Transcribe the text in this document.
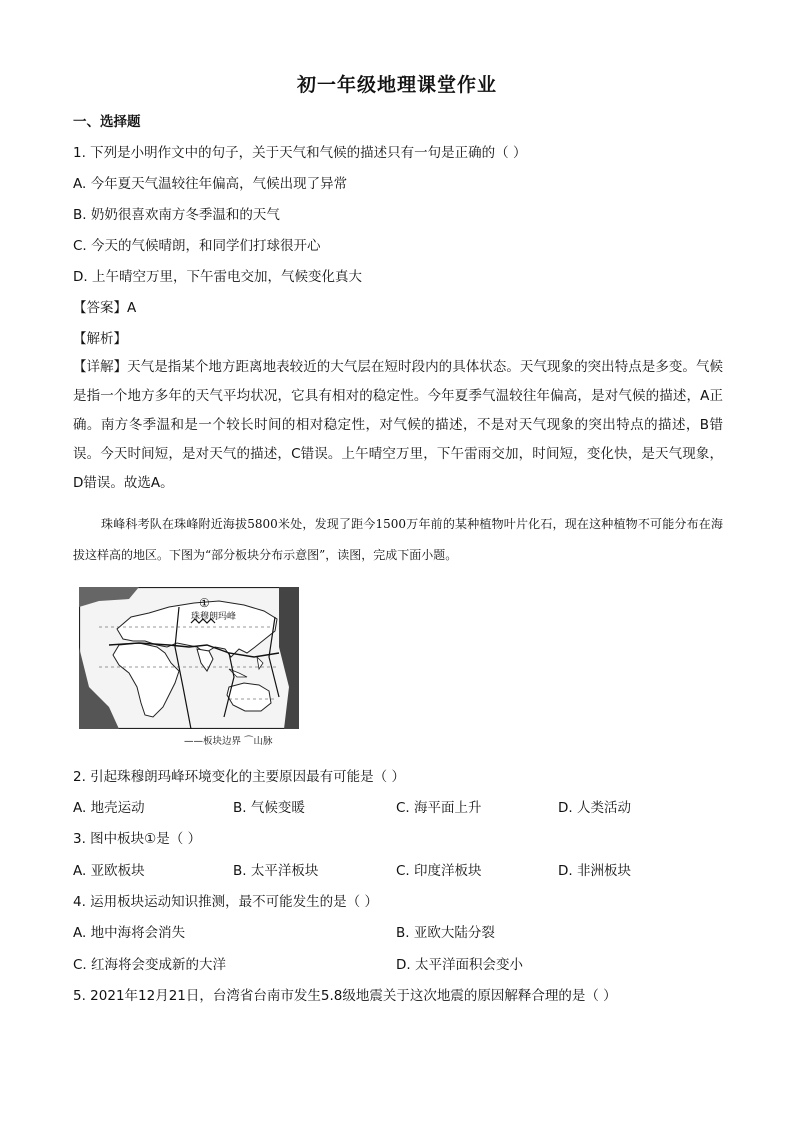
初一年级地理课堂作业
一、选择题
1. 下列是小明作文中的句子，关于天气和气候的描述只有一句是正确的（ ）
A. 今年夏天气温较往年偏高，气候出现了异常
B. 奶奶很喜欢南方冬季温和的天气
C. 今天的气候晴朗，和同学们打球很开心
D. 上午晴空万里，下午雷电交加，气候变化真大
【答案】A
【解析】
【详解】天气是指某个地方距离地表较近的大气层在短时段内的具体状态。天气现象的突出特点是多变。气候是指一个地方多年的天气平均状况，它具有相对的稳定性。今年夏季气温较往年偏高，是对气候的描述，A正确。南方冬季温和是一个较长时间的相对稳定性，对气候的描述，不是对天气现象的突出特点的描述，B错误。今天时间短，是对天气的描述，C错误。上午晴空万里，下午雷雨交加，时间短，变化快，是天气现象，D错误。故选A。
珠峰科考队在珠峰附近海拔5800米处，发现了距今1500万年前的某种植物叶片化石，现在这种植物不可能分布在海拔这样高的地区。下图为“部分板块分布示意图”，读图，完成下面小题。
①
珠穆朗玛峰
——板块边界 ⌒山脉
2. 引起珠穆朗玛峰环境变化的主要原因最有可能是（ ）
A. 地壳运动	B. 气候变暖	C. 海平面上升	D. 人类活动
3. 图中板块①是（ ）
A. 亚欧板块	B. 太平洋板块	C. 印度洋板块	D. 非洲板块
4. 运用板块运动知识推测，最不可能发生的是（ ）
A. 地中海将会消失	B. 亚欧大陆分裂
C. 红海将会变成新的大洋	D. 太平洋面积会变小
5. 2021年12月21日，台湾省台南市发生5.8级地震关于这次地震的原因解释合理的是（ ）
